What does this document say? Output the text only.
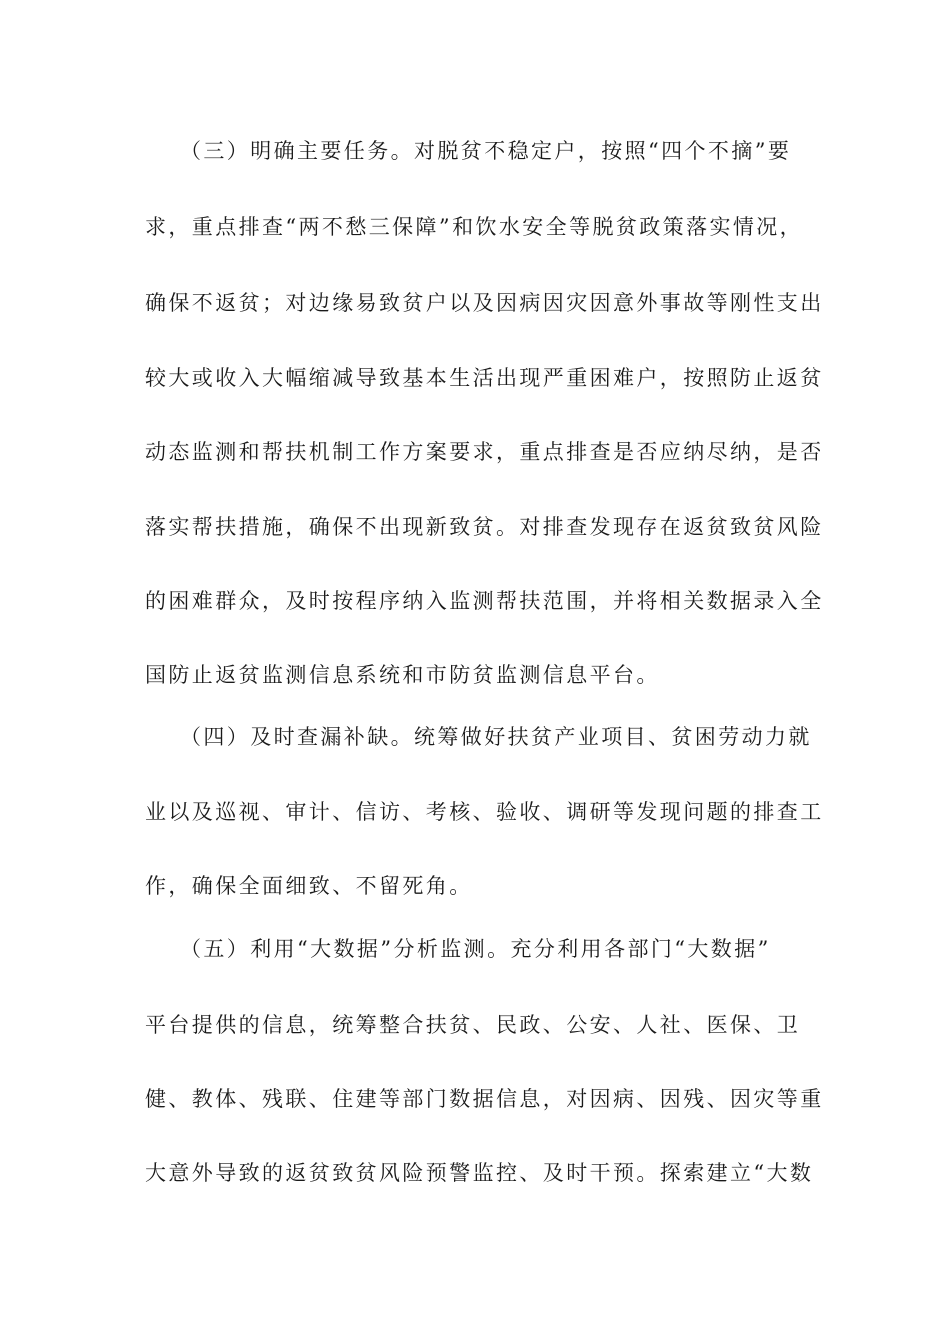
（三）明确主要任务。对脱贫不稳定户，按照“四个不摘”要
求，重点排查“两不愁三保障”和饮水安全等脱贫政策落实情况，
确保不返贫；对边缘易致贫户以及因病因灾因意外事故等刚性支出
较大或收入大幅缩减导致基本生活出现严重困难户，按照防止返贫
动态监测和帮扶机制工作方案要求，重点排查是否应纳尽纳，是否
落实帮扶措施，确保不出现新致贫。对排查发现存在返贫致贫风险
的困难群众，及时按程序纳入监测帮扶范围，并将相关数据录入全
国防止返贫监测信息系统和市防贫监测信息平台。
（四）及时查漏补缺。统筹做好扶贫产业项目、贫困劳动力就
业以及巡视、审计、信访、考核、验收、调研等发现问题的排查工
作，确保全面细致、不留死角。
（五）利用“大数据”分析监测。充分利用各部门“大数据”
平台提供的信息，统筹整合扶贫、民政、公安、人社、医保、卫
健、教体、残联、住建等部门数据信息，对因病、因残、因灾等重
大意外导致的返贫致贫风险预警监控、及时干预。探索建立“大数
